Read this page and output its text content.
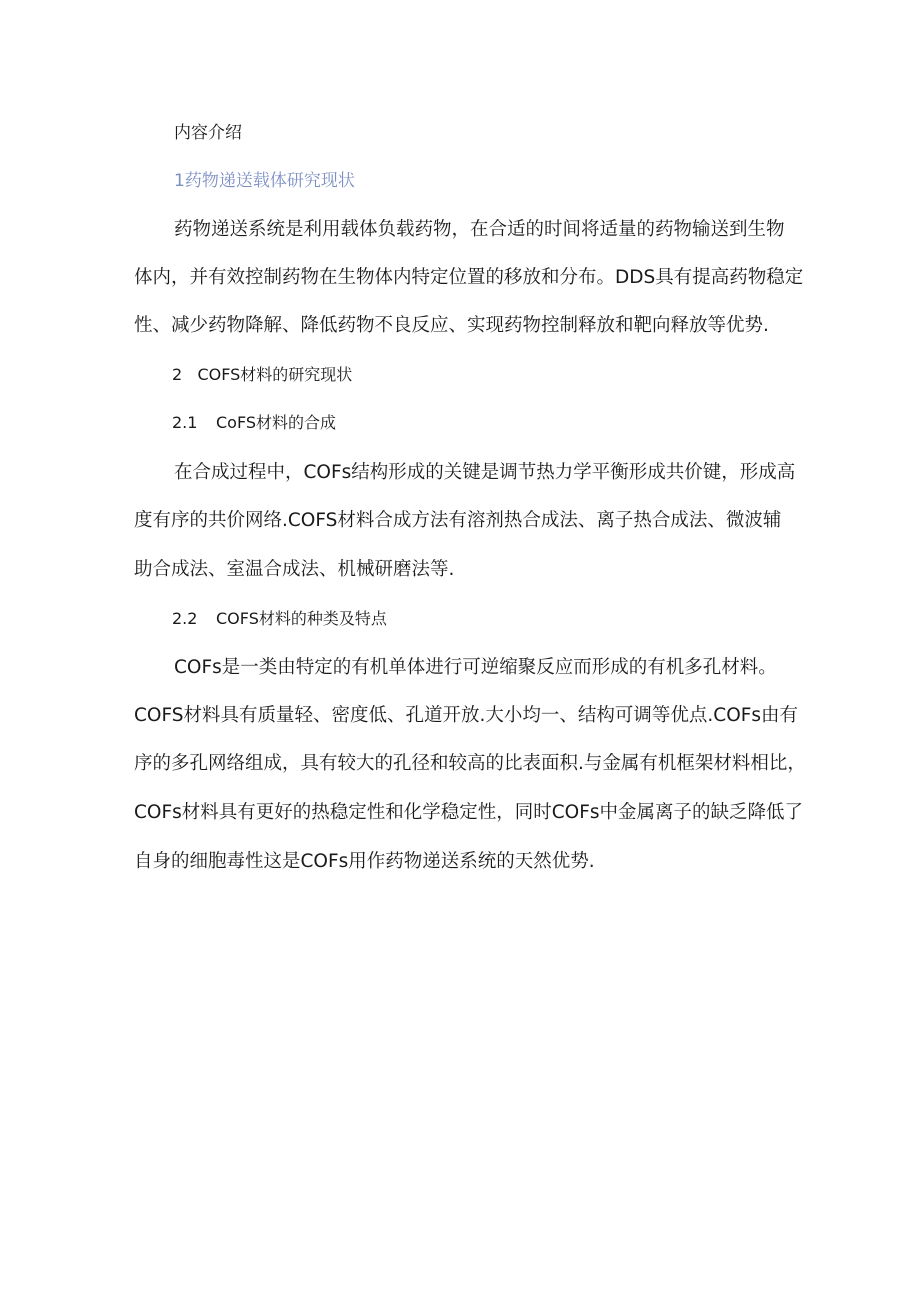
内容介绍
1药物递送载体研究现状
药物递送系统是利用载体负载药物，在合适的时间将适量的药物输送到生物
体内，并有效控制药物在生物体内特定位置的移放和分布。DDS具有提高药物稳定
性、减少药物降解、降低药物不良反应、实现药物控制释放和靶向释放等优势.
2   COFS材料的研究现状
2.1 CoFS材料的合成
在合成过程中，COFs结构形成的关键是调节热力学平衡形成共价键，形成高
度有序的共价网络.COFS材料合成方法有溶剂热合成法、离子热合成法、微波辅
助合成法、室温合成法、机械研磨法等.
2.2 COFS材料的种类及特点
COFs是一类由特定的有机单体进行可逆缩聚反应而形成的有机多孔材料。
COFS材料具有质量轻、密度低、孔道开放.大小均一、结构可调等优点.COFs由有
序的多孔网络组成，具有较大的孔径和较高的比表面积.与金属有机框架材料相比，
COFs材料具有更好的热稳定性和化学稳定性，同时COFs中金属离子的缺乏降低了
自身的细胞毒性这是COFs用作药物递送系统的天然优势.
